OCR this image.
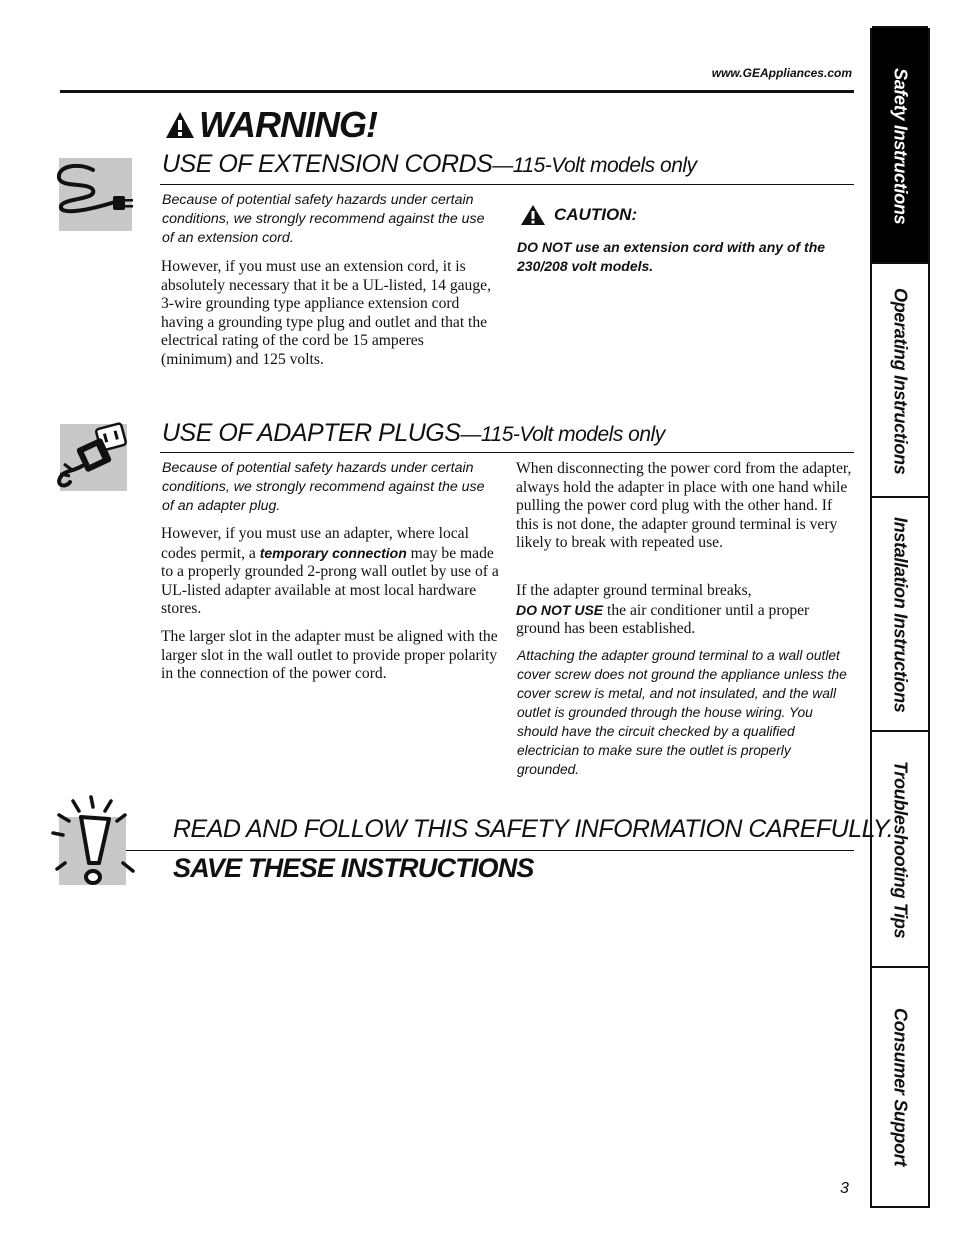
www.GEAppliances.com
WARNING!
USE OF EXTENSION CORDS—115-Volt models only
Because of potential safety hazards under certain conditions, we strongly recommend against the use of an extension cord.
However, if you must use an extension cord, it is absolutely necessary that it be a UL-listed, 14 gauge, 3-wire grounding type appliance extension cord having a grounding type plug and outlet and that the electrical rating of the cord be 15 amperes (minimum) and 125 volts.
CAUTION:
DO NOT use an extension cord with any of the 230/208 volt models.
USE OF ADAPTER PLUGS—115-Volt models only
Because of potential safety hazards under certain conditions, we strongly recommend against the use of an adapter plug.
However, if you must use an adapter, where local codes permit, a temporary connection may be made to a properly grounded 2-prong wall outlet by use of a UL-listed adapter available at most local hardware stores.
The larger slot in the adapter must be aligned with the larger slot in the wall outlet to provide proper polarity in the connection of the power cord.
When disconnecting the power cord from the adapter, always hold the adapter in place with one hand while pulling the power cord plug with the other hand. If this is not done, the adapter ground terminal is very likely to break with repeated use.
If the adapter ground terminal breaks,
DO NOT USE the air conditioner until a proper ground has been established.
Attaching the adapter ground terminal to a wall outlet cover screw does not ground the appliance unless the cover screw is metal, and not insulated, and the wall outlet is grounded through the house wiring. You should have the circuit checked by a qualified electrician to make sure the outlet is properly grounded.
READ AND FOLLOW THIS SAFETY INFORMATION CAREFULLY.
SAVE THESE INSTRUCTIONS
Safety Instructions
Operating Instructions
Installation Instructions
Troubleshooting Tips
Consumer Support
3
